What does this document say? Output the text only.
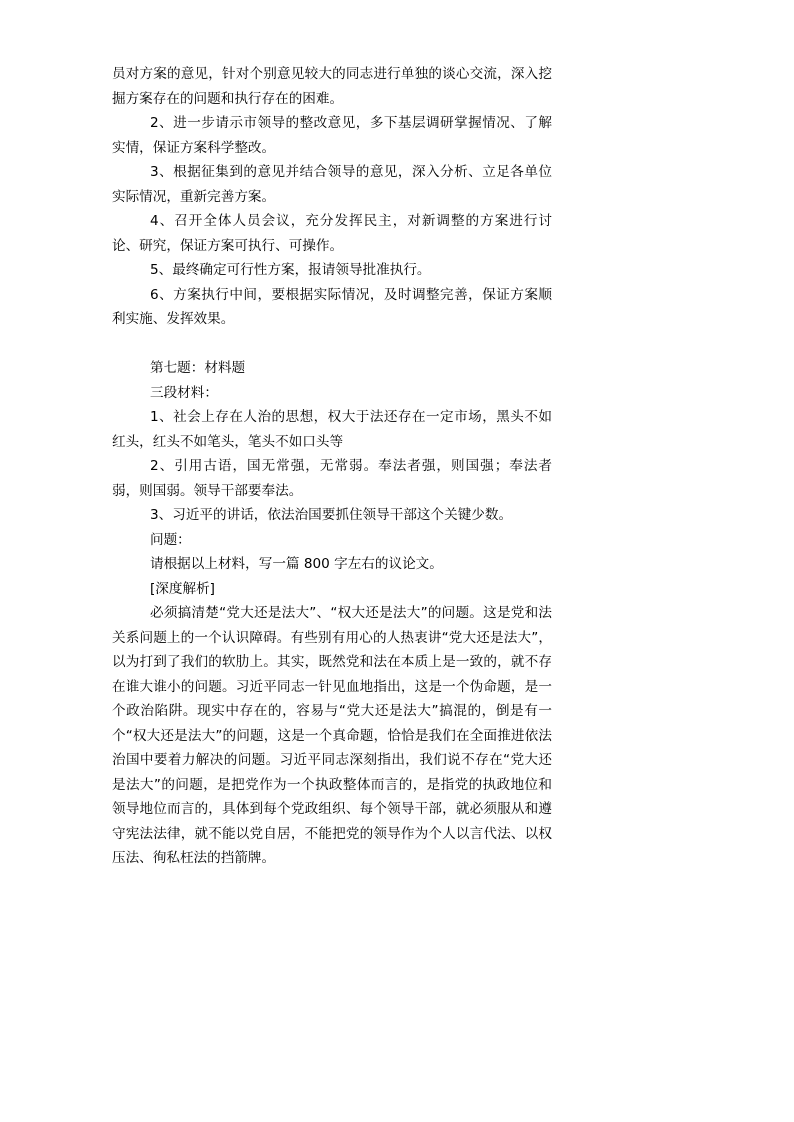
员对方案的意见，针对个别意见较大的同志进行单独的谈心交流，深入挖掘方案存在的问题和执行存在的困难。

2、进一步请示市领导的整改意见，多下基层调研掌握情况、了解实情，保证方案科学整改。

3、根据征集到的意见并结合领导的意见，深入分析、立足各单位实际情况，重新完善方案。

4、召开全体人员会议，充分发挥民主，对新调整的方案进行讨论、研究，保证方案可执行、可操作。

5、最终确定可行性方案，报请领导批准执行。

6、方案执行中间，要根据实际情况，及时调整完善，保证方案顺利实施、发挥效果。

第七题：材料题

三段材料：

1、社会上存在人治的思想，权大于法还存在一定市场，黑头不如红头，红头不如笔头，笔头不如口头等

2、引用古语，国无常强，无常弱。奉法者强，则国强；奉法者弱，则国弱。领导干部要奉法。

3、习近平的讲话，依法治国要抓住领导干部这个关键少数。

问题：

请根据以上材料，写一篇 800 字左右的议论文。

[深度解析]

必须搞清楚“党大还是法大”、“权大还是法大”的问题。这是党和法关系问题上的一个认识障碍。有些别有用心的人热衷讲“党大还是法大”，以为打到了我们的软肋上。其实，既然党和法在本质上是一致的，就不存在谁大谁小的问题。习近平同志一针见血地指出，这是一个伪命题，是一个政治陷阱。现实中存在的，容易与“党大还是法大”搞混的，倒是有一个“权大还是法大”的问题，这是一个真命题，恰恰是我们在全面推进依法治国中要着力解决的问题。习近平同志深刻指出，我们说不存在“党大还是法大”的问题，是把党作为一个执政整体而言的，是指党的执政地位和领导地位而言的，具体到每个党政组织、每个领导干部，就必须服从和遵守宪法法律，就不能以党自居，不能把党的领导作为个人以言代法、以权压法、徇私枉法的挡箭牌。
